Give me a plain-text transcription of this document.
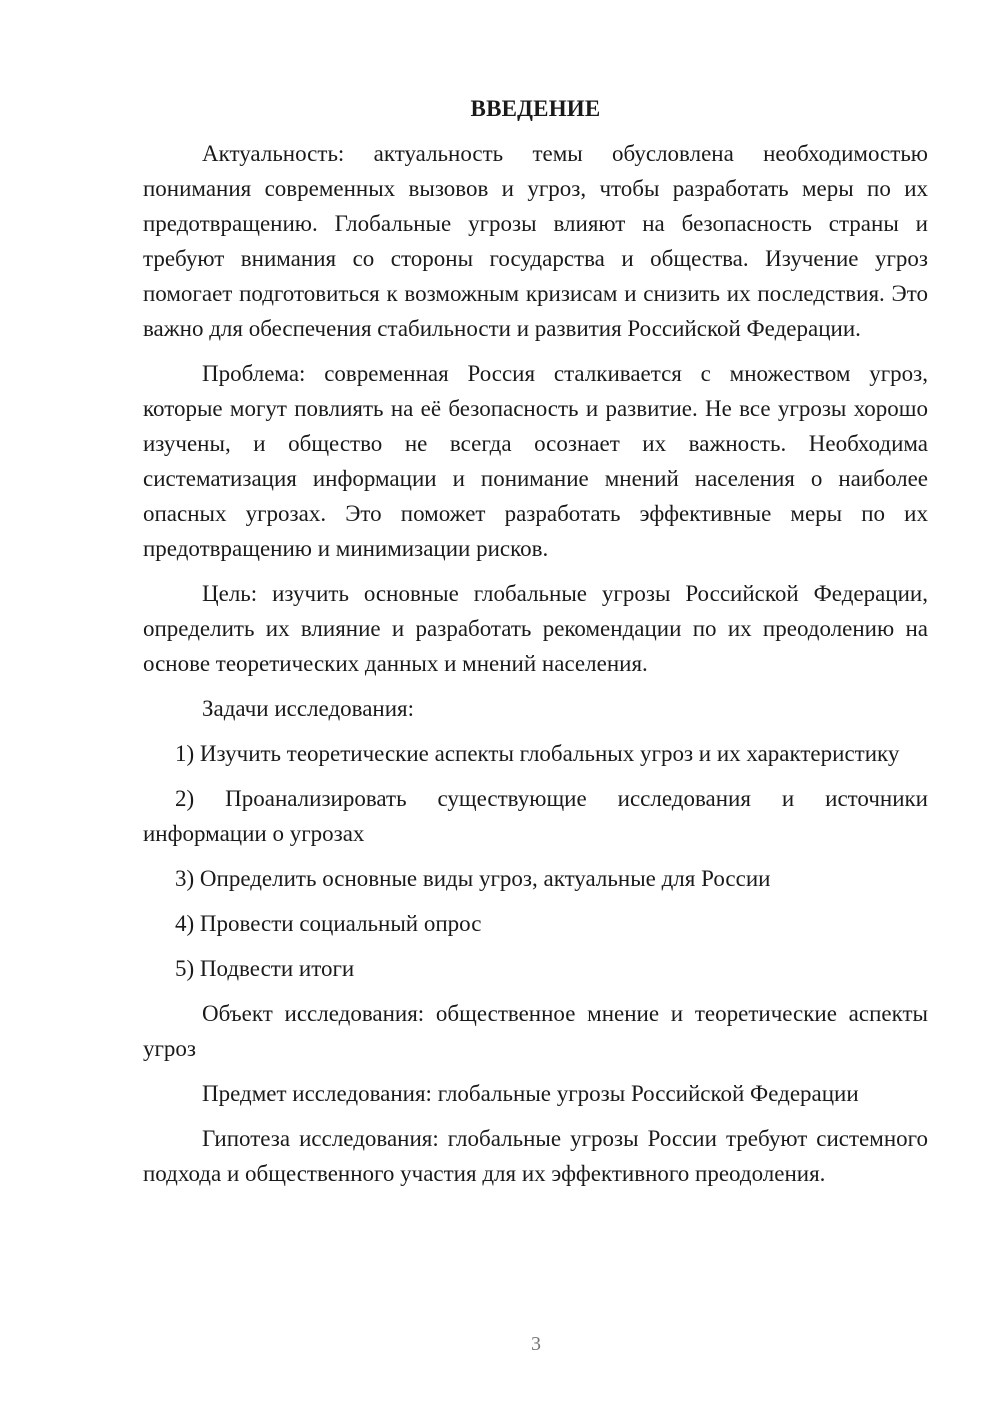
ВВЕДЕНИЕ

Актуальность: актуальность темы обусловлена необходимостью понимания современных вызовов и угроз, чтобы разработать меры по их предотвращению. Глобальные угрозы влияют на безопасность страны и требуют внимания со стороны государства и общества. Изучение угроз помогает подготовиться к возможным кризисам и снизить их последствия. Это важно для обеспечения стабильности и развития Российской Федерации.

Проблема: современная Россия сталкивается с множеством угроз, которые могут повлиять на её безопасность и развитие. Не все угрозы хорошо изучены, и общество не всегда осознает их важность. Необходима систематизация информации и понимание мнений населения о наиболее опасных угрозах. Это поможет разработать эффективные меры по их предотвращению и минимизации рисков.

Цель: изучить основные глобальные угрозы Российской Федерации, определить их влияние и разработать рекомендации по их преодолению на основе теоретических данных и мнений населения.

Задачи исследования:

1) Изучить теоретические аспекты глобальных угроз и их характеристику

2) Проанализировать существующие исследования и источники информации о угрозах

3) Определить основные виды угроз, актуальные для России

4) Провести социальный опрос

5) Подвести итоги

Объект исследования: общественное мнение и теоретические аспекты угроз

Предмет исследования: глобальные угрозы Российской Федерации

Гипотеза исследования: глобальные угрозы России требуют системного подхода и общественного участия для их эффективного преодоления.

3
